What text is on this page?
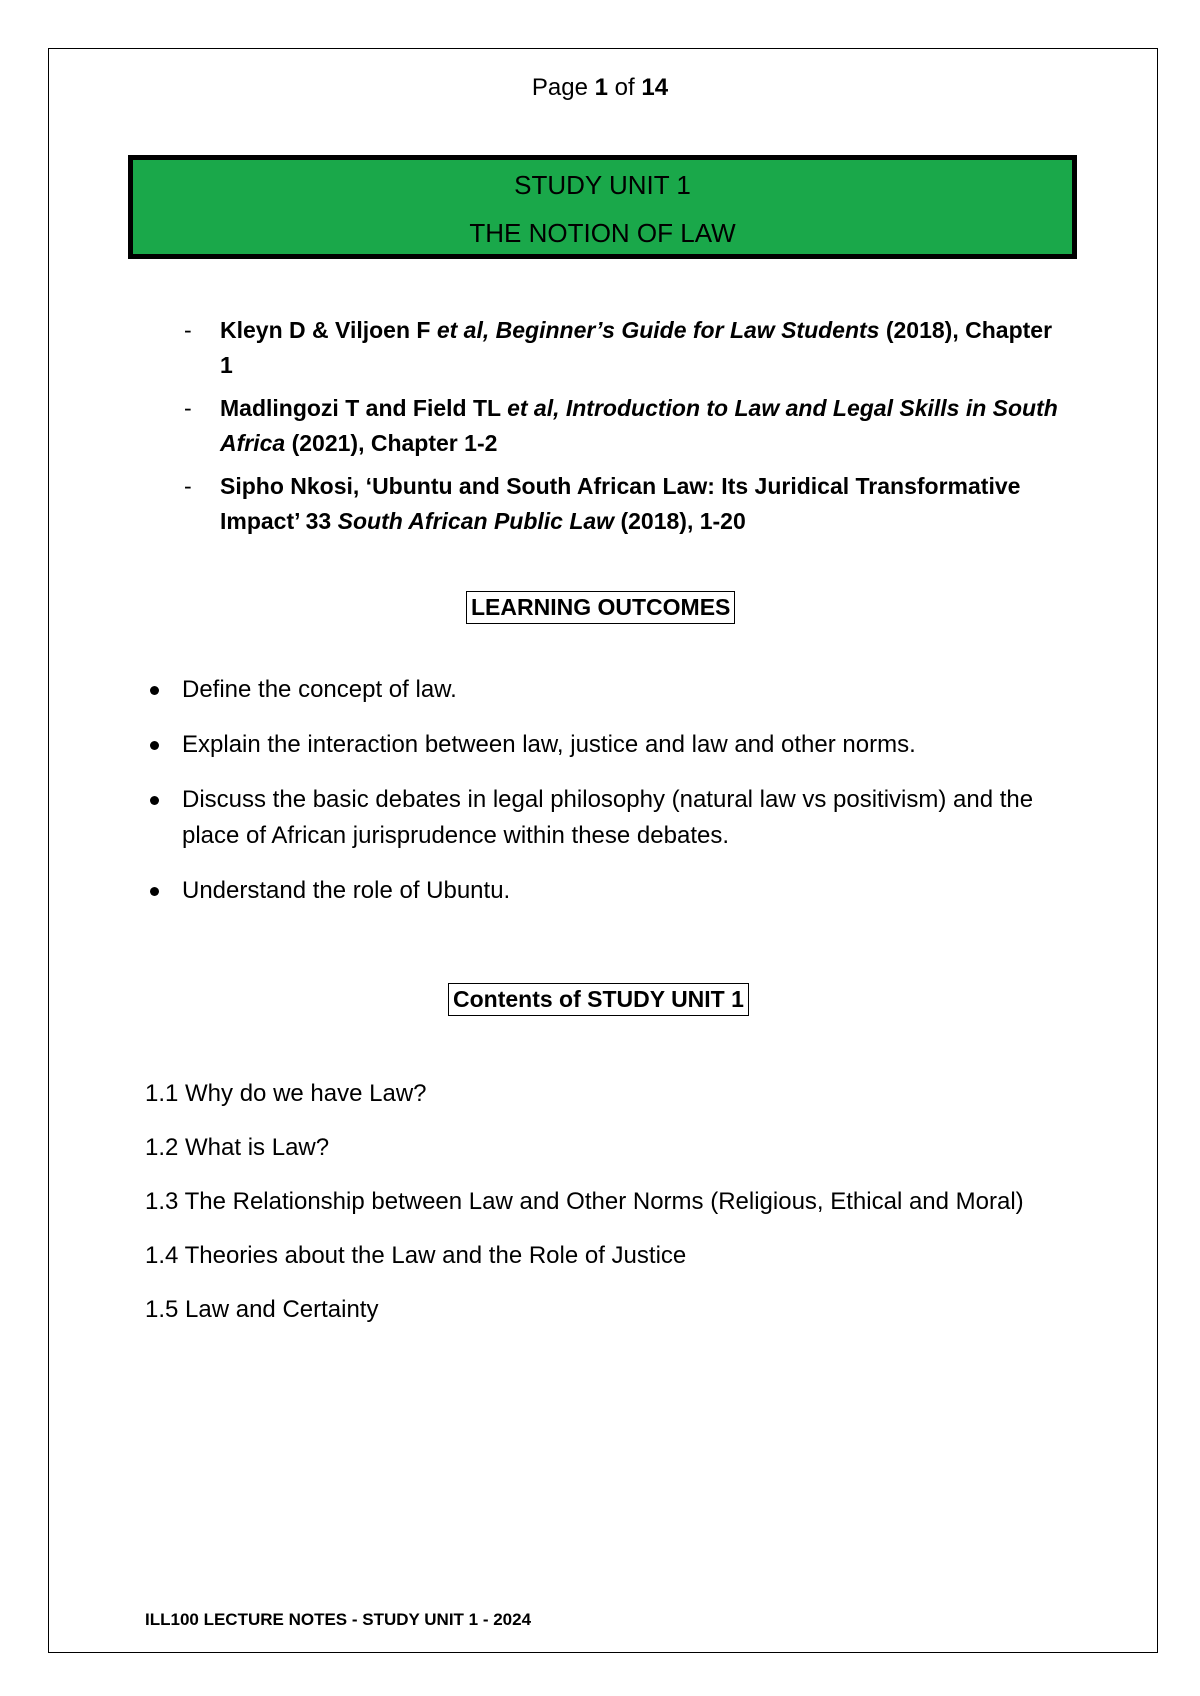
Page 1 of 14
STUDY UNIT 1
THE NOTION OF LAW
- Kleyn D & Viljoen F et al, Beginner’s Guide for Law Students (2018), Chapter 1
- Madlingozi T and Field TL et al, Introduction to Law and Legal Skills in South Africa (2021), Chapter 1-2
- Sipho Nkosi, ‘Ubuntu and South African Law: Its Juridical Transformative Impact’ 33 South African Public Law (2018), 1-20
LEARNING OUTCOMES
Define the concept of law.
Explain the interaction between law, justice and law and other norms.
Discuss the basic debates in legal philosophy (natural law vs positivism) and the place of African jurisprudence within these debates.
Understand the role of Ubuntu.
Contents of STUDY UNIT 1
1.1 Why do we have Law?
1.2 What is Law?
1.3 The Relationship between Law and Other Norms (Religious, Ethical and Moral)
1.4 Theories about the Law and the Role of Justice
1.5 Law and Certainty
ILL100 LECTURE NOTES - STUDY UNIT 1 - 2024
